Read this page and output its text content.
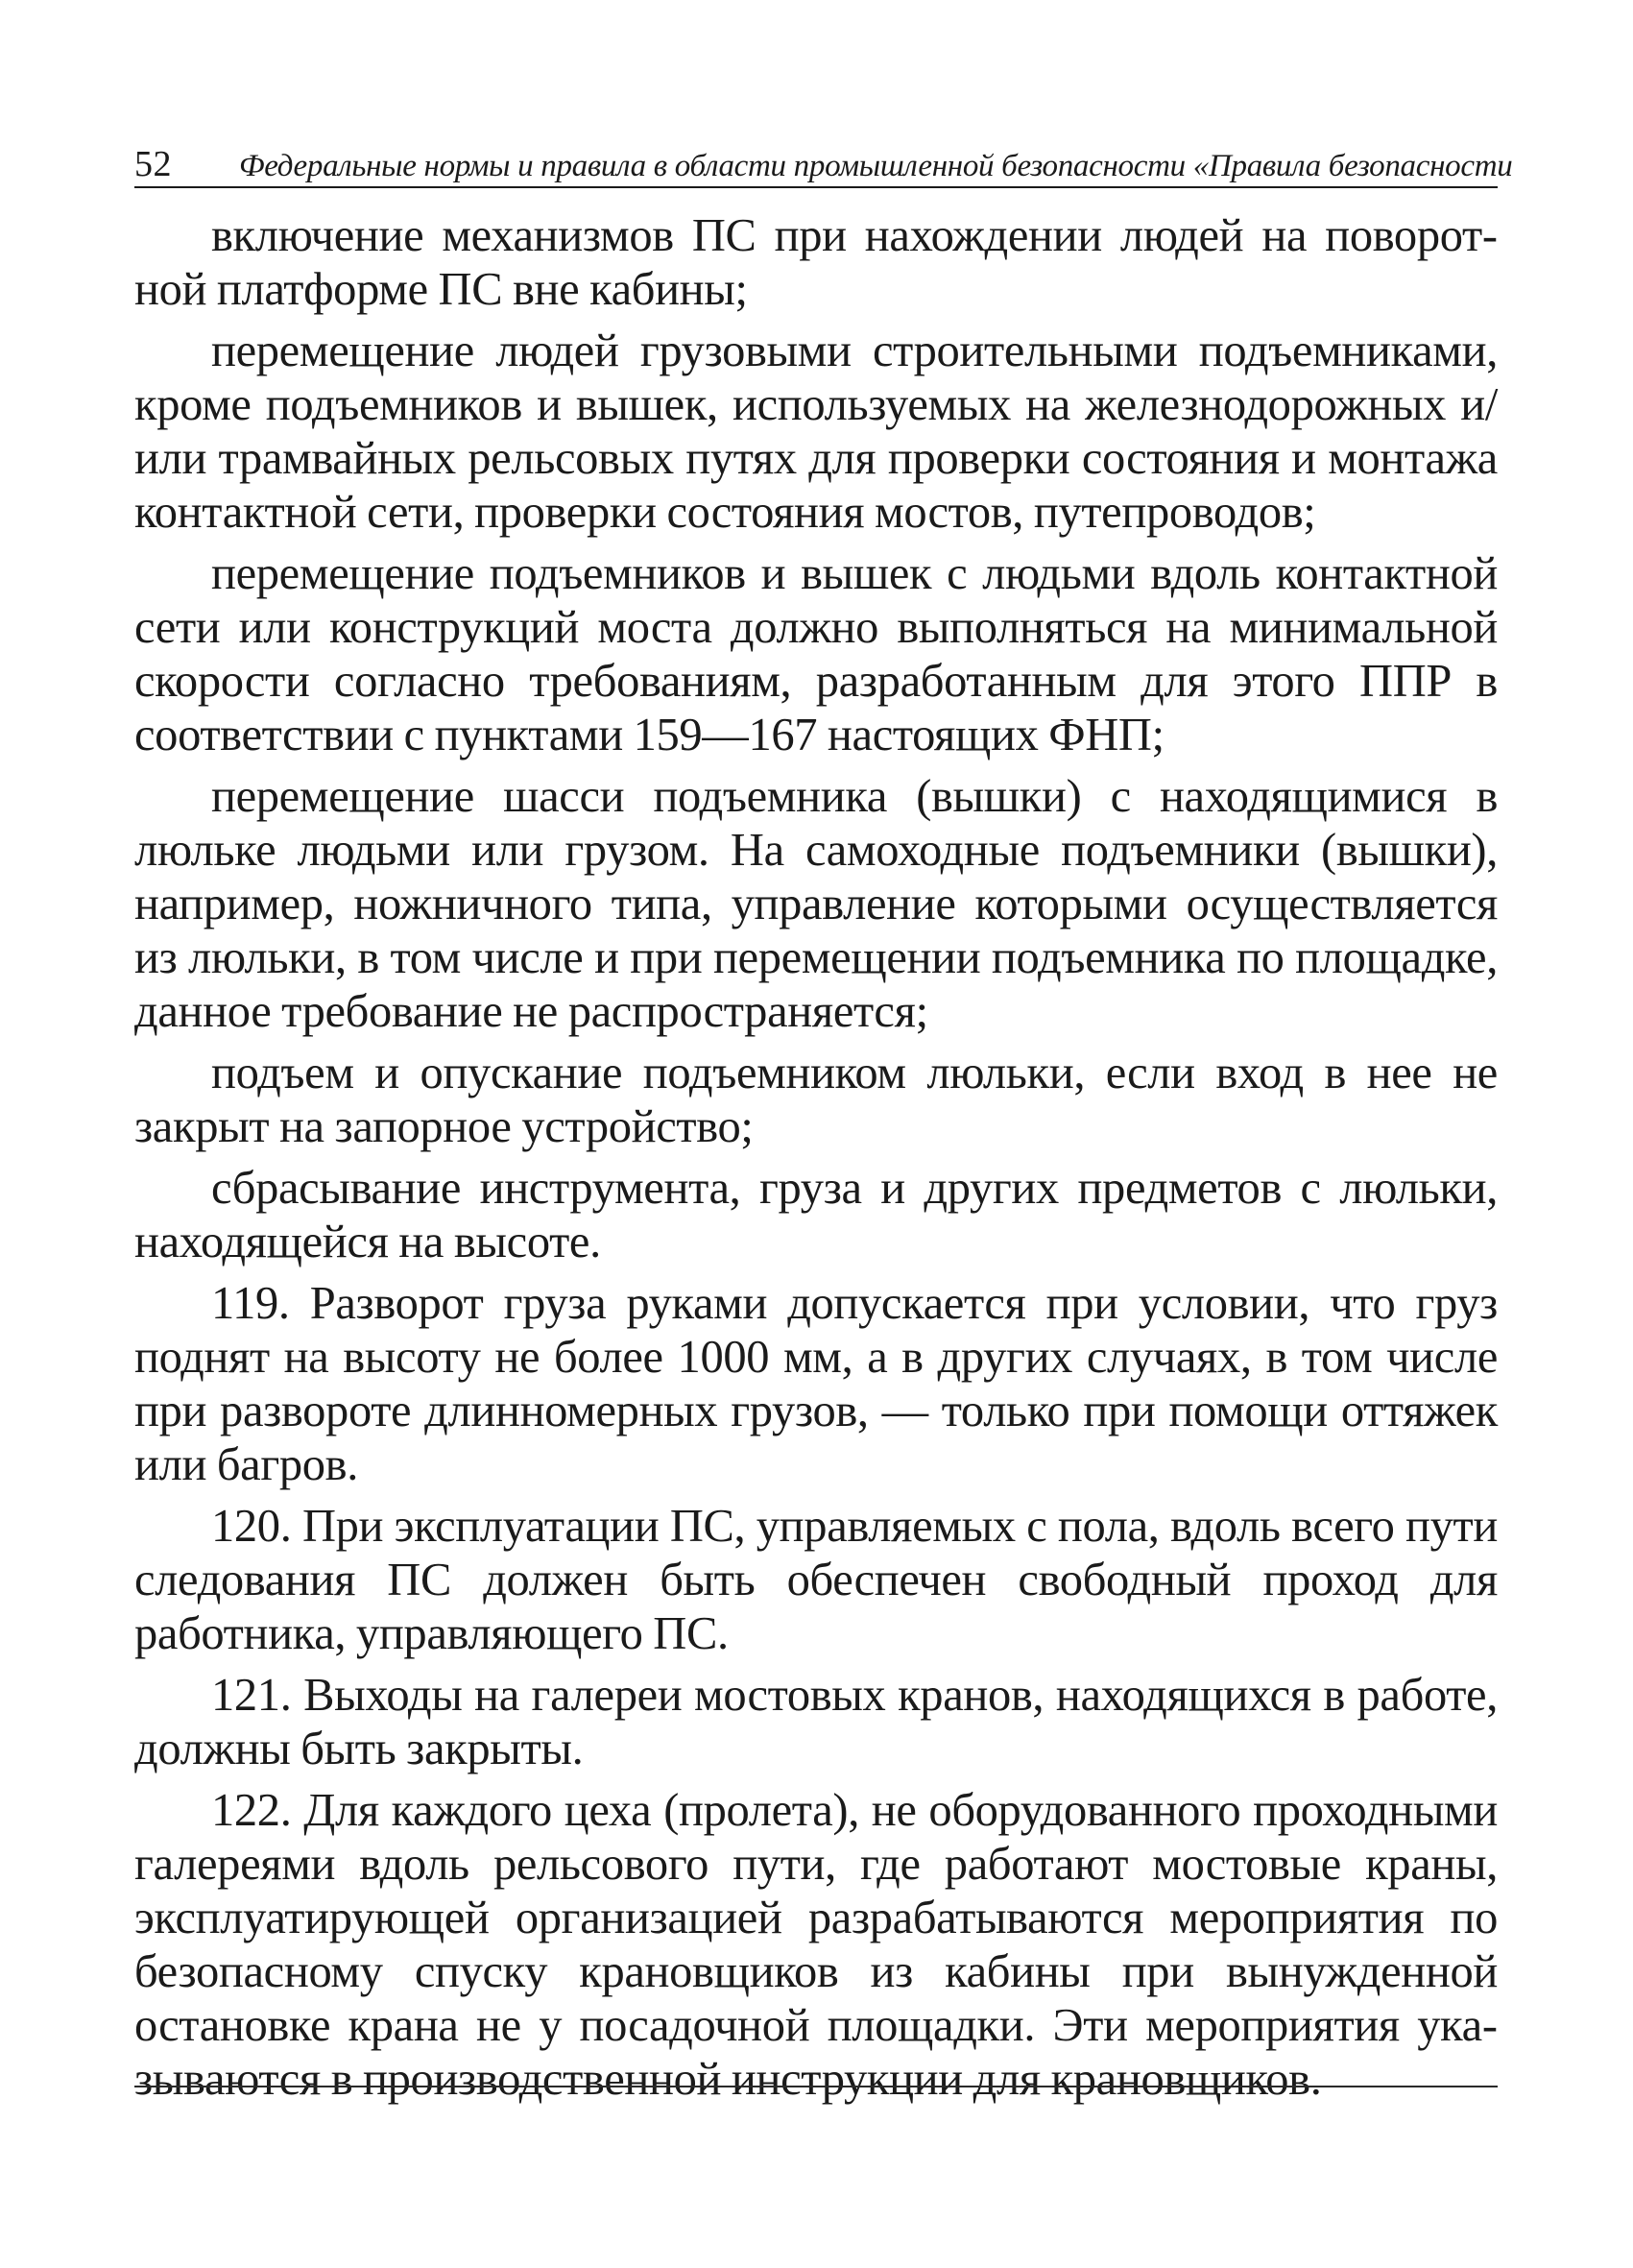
52 Федеральные нормы и правила в области промышленной безопасности «Правила безопасности

включение механизмов ПС при нахождении людей на поворотной платформе ПС вне кабины;

перемещение людей грузовыми строительными подъемниками, кроме подъемников и вышек, используемых на железнодорожных и/или трамвайных рельсовых путях для проверки состояния и монтажа контактной сети, проверки состояния мостов, путепроводов;

перемещение подъемников и вышек с людьми вдоль контактной сети или конструкций моста должно выполняться на минимальной скорости согласно требованиям, разработанным для этого ППР в соответствии с пунктами 159—167 настоящих ФНП;

перемещение шасси подъемника (вышки) с находящимися в люльке людьми или грузом. На самоходные подъемники (вышки), например, ножничного типа, управление которыми осуществляется из люльки, в том числе и при перемещении подъемника по площадке, данное требование не распространяется;

подъем и опускание подъемником люльки, если вход в нее не закрыт на запорное устройство;

сбрасывание инструмента, груза и других предметов с люльки, находящейся на высоте.

119. Разворот груза руками допускается при условии, что груз поднят на высоту не более 1000 мм, а в других случаях, в том числе при развороте длинномерных грузов, — только при помощи оттяжек или багров.

120. При эксплуатации ПС, управляемых с пола, вдоль всего пути следования ПС должен быть обеспечен свободный проход для работника, управляющего ПС.

121. Выходы на галереи мостовых кранов, находящихся в работе, должны быть закрыты.

122. Для каждого цеха (пролета), не оборудованного проходными галереями вдоль рельсового пути, где работают мостовые краны, эксплуатирующей организацией разрабатываются мероприятия по безопасному спуску крановщиков из кабины при вынужденной остановке крана не у посадочной площадки. Эти мероприятия указываются в производственной инструкции для крановщиков.
